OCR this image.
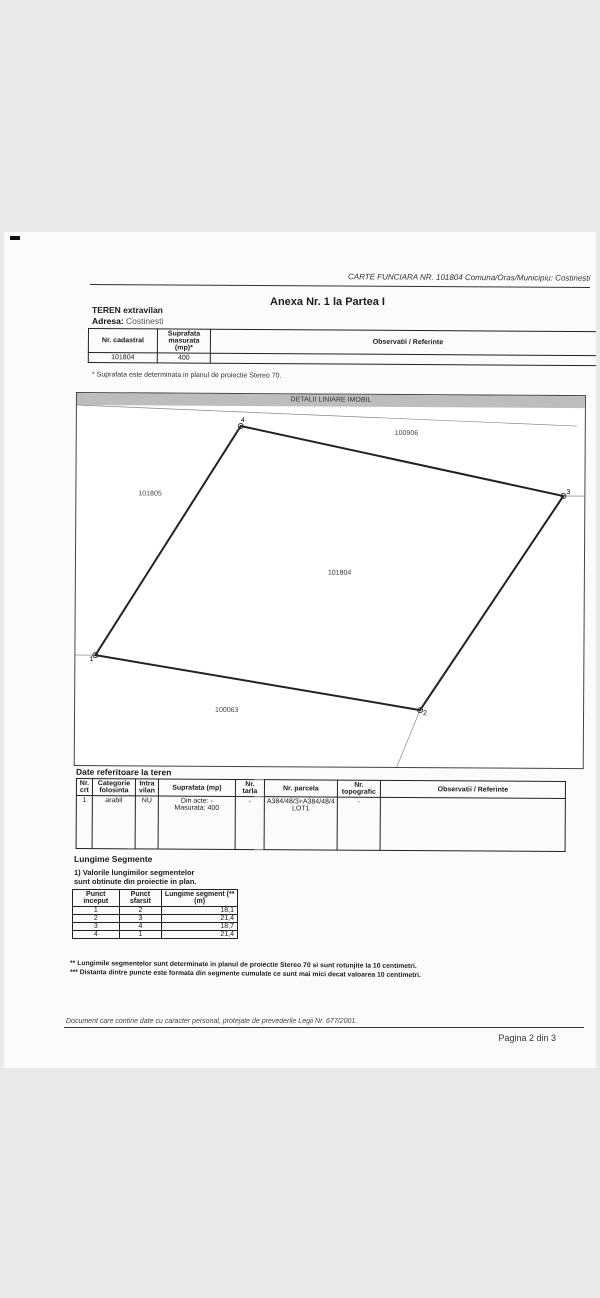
CARTE FUNCIARA NR. 101804 Comuna/Oras/Municipiu: Costinesti
Anexa Nr. 1 la Partea I
TEREN extravilan
Adresa: Costinesti
Nr. cadastral	Suprafata masurata (mp)*	Observatii / Referinte
101804	400	
* Suprafata este determinata in planul de proiectie Stereo 70.
DETALII LINIARE IMOBIL
4
3
2
1
100906
101805
100063
101804
Date referitoare la teren
Nr. crt	Categorie folosinta	Intra vilan	Suprafata (mp)	Nr. tarla	Nr. parcela	Nr. topografic	Observatii / Referinte
1	arabil	NU	Din acte: -
Masurata: 400	-	A384/48/3+A384/48/4 LOT1	-	
Lungime Segmente
1) Valorile lungimilor segmentelor
sunt obtinute din proiectie in plan.
Punct inceput	Punct sfarsit	Lungime segment (** (m)
1	2	18,1
2	3	21,4
3	4	18,7
4	1	21,4
** Lungimile segmentelor sunt determinate in planul de proiectie Stereo 70 si sunt rotunjite la 10 centimetri.
*** Distanta dintre puncte este formata din segmente cumulate ce sunt mai mici decat valoarea 10 centimetri.
Document care contine date cu caracter personal, protejate de prevederile Legii Nr. 677/2001.
Pagina 2 din 3
